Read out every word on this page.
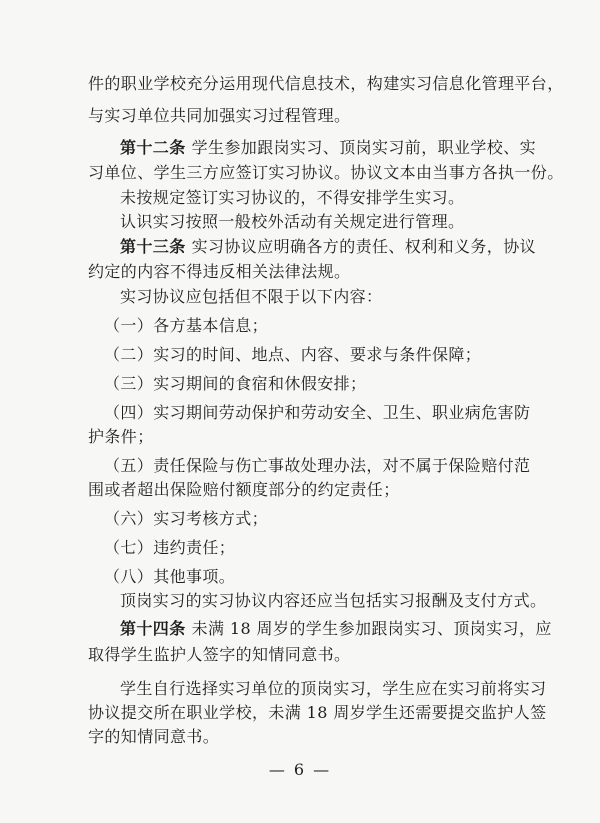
件的职业学校充分运用现代信息技术，构建实习信息化管理平台，
与实习单位共同加强实习过程管理。
第十二条 学生参加跟岗实习、顶岗实习前，职业学校、实
习单位、学生三方应签订实习协议。协议文本由当事方各执一份。
未按规定签订实习协议的，不得安排学生实习。
认识实习按照一般校外活动有关规定进行管理。
第十三条 实习协议应明确各方的责任、权利和义务，协议
约定的内容不得违反相关法律法规。
实习协议应包括但不限于以下内容：
（一）各方基本信息；
（二）实习的时间、地点、内容、要求与条件保障；
（三）实习期间的食宿和休假安排；
（四）实习期间劳动保护和劳动安全、卫生、职业病危害防
护条件；
（五）责任保险与伤亡事故处理办法，对不属于保险赔付范
围或者超出保险赔付额度部分的约定责任；
（六）实习考核方式；
（七）违约责任；
（八）其他事项。
顶岗实习的实习协议内容还应当包括实习报酬及支付方式。
第十四条 未满 18 周岁的学生参加跟岗实习、顶岗实习，应
取得学生监护人签字的知情同意书。
学生自行选择实习单位的顶岗实习，学生应在实习前将实习
协议提交所在职业学校，未满 18 周岁学生还需要提交监护人签
字的知情同意书。
— 6 —
